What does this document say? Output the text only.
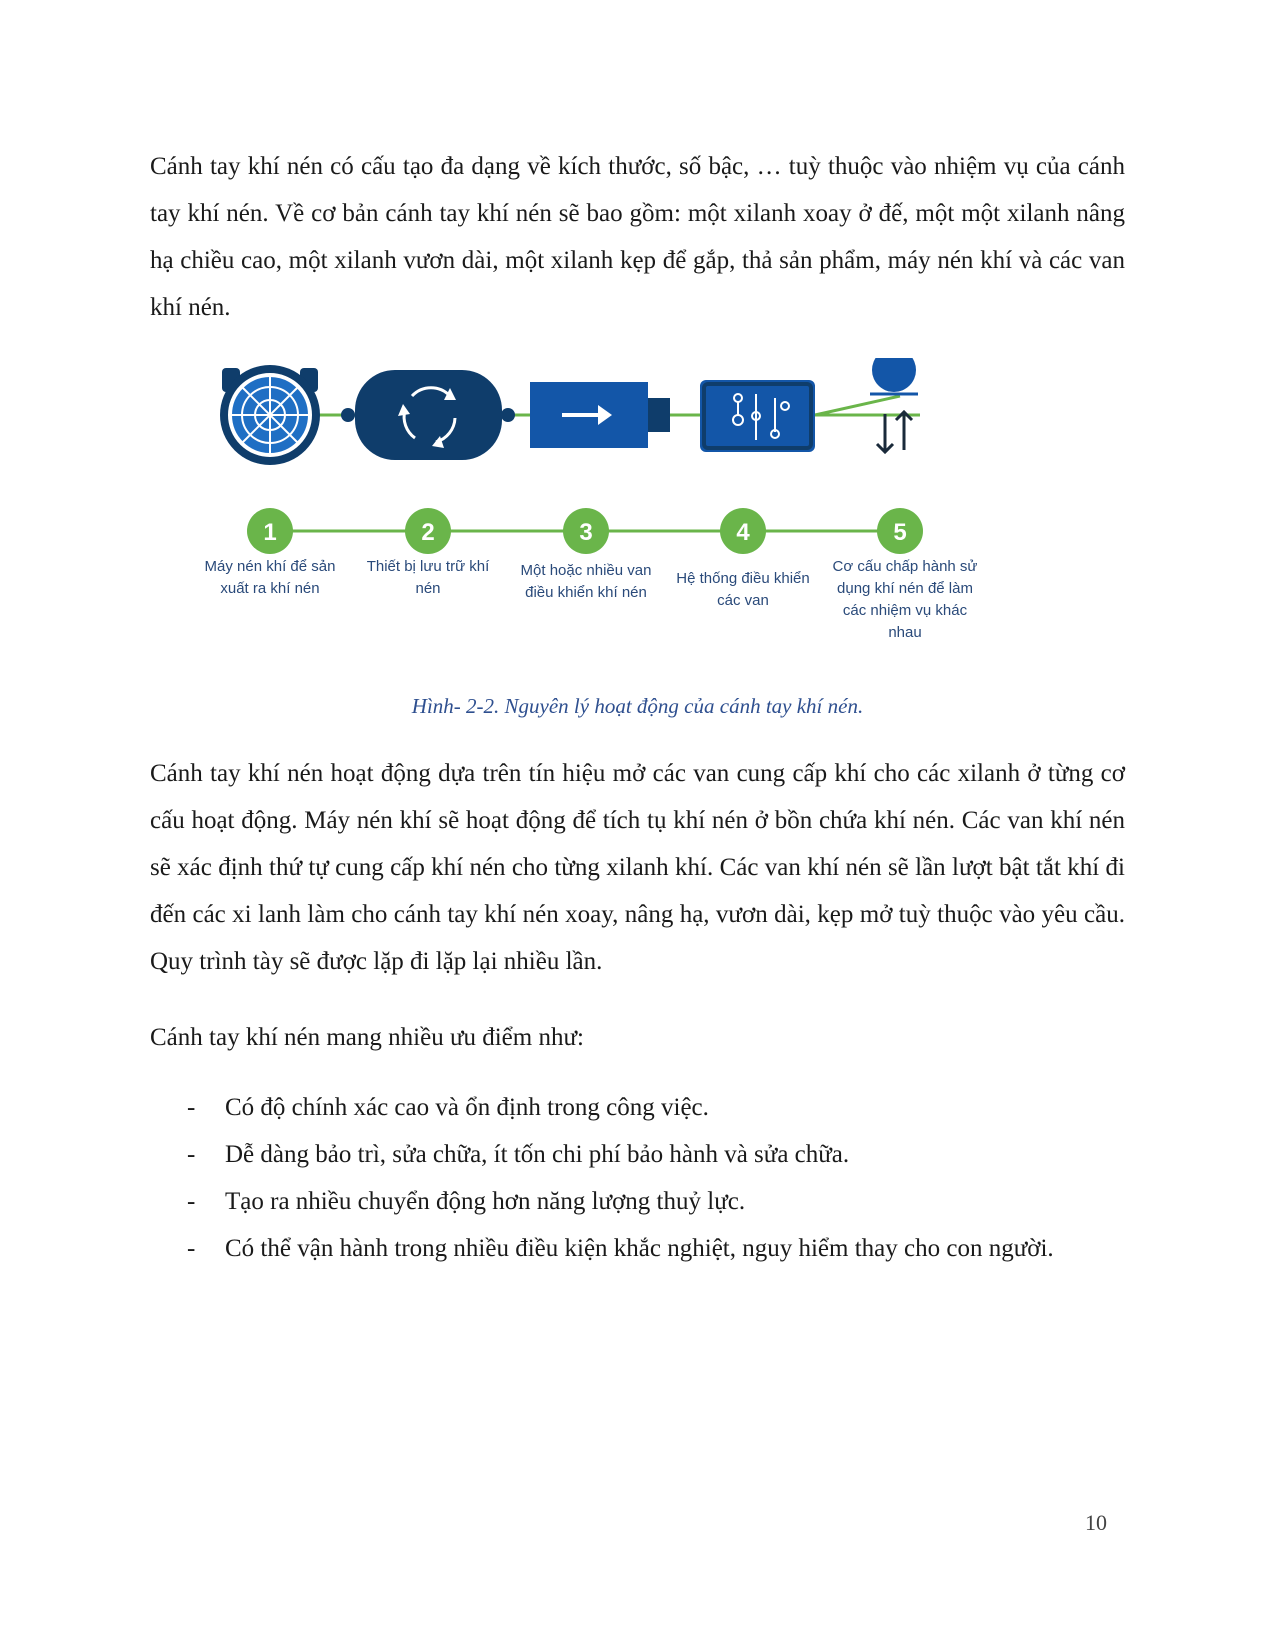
Cánh tay khí nén có cấu tạo đa dạng về kích thước, số bậc, … tuỳ thuộc vào nhiệm vụ của cánh tay khí nén. Về cơ bản cánh tay khí nén sẽ bao gồm: một xilanh xoay ở đế, một một xilanh nâng hạ chiều cao, một xilanh vươn dài, một xilanh kẹp để gắp, thả sản phẩm, máy nén khí và các van khí nén.

1	2	3	4	5
Máy nén khí để sản xuất ra khí nén
Thiết bị lưu trữ khí nén
Một hoặc nhiều van điều khiển khí nén
Hệ thống điều khiển các van
Cơ cấu chấp hành sử dụng khí nén để làm các nhiệm vụ khác nhau
Hình- 2-2. Nguyên lý hoạt động của cánh tay khí nén.

Cánh tay khí nén hoạt động dựa trên tín hiệu mở các van cung cấp khí cho các xilanh ở từng cơ cấu hoạt động. Máy nén khí sẽ hoạt động để tích tụ khí nén ở bồn chứa khí nén. Các van khí nén sẽ xác định thứ tự cung cấp khí nén cho từng xilanh khí. Các van khí nén sẽ lần lượt bật tắt khí đi đến các xi lanh làm cho cánh tay khí nén xoay, nâng hạ, vươn dài, kẹp mở tuỳ thuộc vào yêu cầu. Quy trình tày sẽ được lặp đi lặp lại nhiều lần.

Cánh tay khí nén mang nhiều ưu điểm như:

- Có độ chính xác cao và ổn định trong công việc.
- Dễ dàng bảo trì, sửa chữa, ít tốn chi phí bảo hành và sửa chữa.
- Tạo ra nhiều chuyển động hơn năng lượng thuỷ lực.
- Có thể vận hành trong nhiều điều kiện khắc nghiệt, nguy hiểm thay cho con người.
10
